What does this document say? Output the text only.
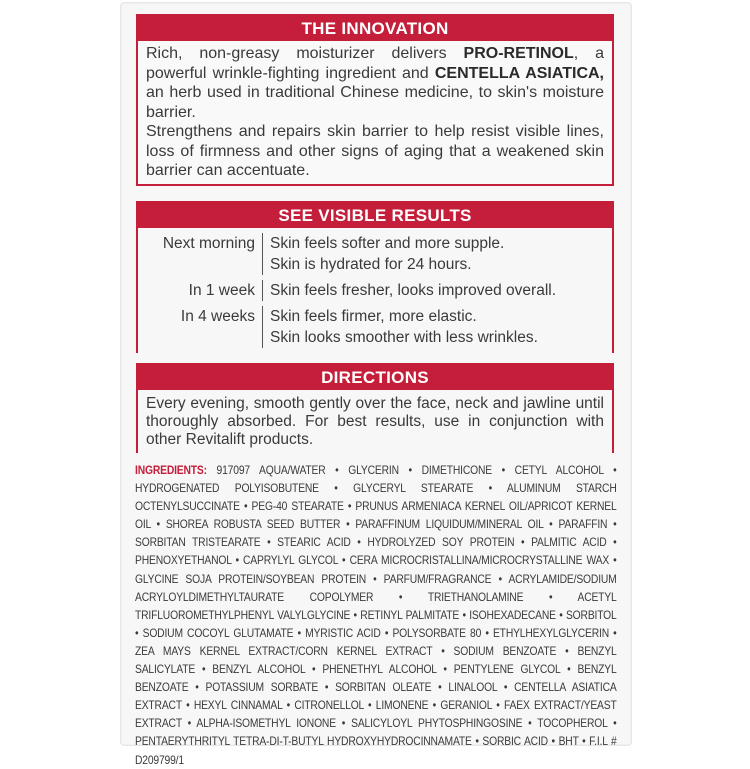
THE INNOVATION

Rich, non-greasy moisturizer delivers PRO-RETINOL, a powerful wrinkle-fighting ingredient and CENTELLA ASIATICA, an herb used in traditional Chinese medicine, to skin's moisture barrier.

Strengthens and repairs skin barrier to help resist visible lines, loss of firmness and other signs of aging that a weakened skin barrier can accentuate.

SEE VISIBLE RESULTS
Next morning Skin feels softer and more supple.
Skin is hydrated for 24 hours.
In 1 week Skin feels fresher, looks improved overall.
In 4 weeks Skin feels firmer, more elastic.
Skin looks smoother with less wrinkles.
DIRECTIONS

Every evening, smooth gently over the face, neck and jawline until thoroughly absorbed. For best results, use in conjunction with other Revitalift products.

INGREDIENTS: 917097 AQUA/WATER • GLYCERIN • DIMETHICONE • CETYL ALCOHOL • HYDROGENATED POLYISOBUTENE • GLYCERYL STEARATE • ALUMINUM STARCH OCTENYLSUCCINATE • PEG-40 STEARATE • PRUNUS ARMENIACA KERNEL OIL/APRICOT KERNEL OIL • SHOREA ROBUSTA SEED BUTTER • PARAFFINUM LIQUIDUM/MINERAL OIL • PARAFFIN • SORBITAN TRISTEARATE • STEARIC ACID • HYDROLYZED SOY PROTEIN • PALMITIC ACID • PHENOXYETHANOL • CAPRYLYL GLYCOL • CERA MICROCRISTALLINA/MICROCRYSTALLINE WAX • GLYCINE SOJA PROTEIN/SOYBEAN PROTEIN • PARFUM/FRAGRANCE • ACRYLAMIDE/SODIUM ACRYLOYLDIMETHYLTAURATE COPOLYMER • TRIETHANOLAMINE • ACETYL TRIFLUOROMETHYLPHENYL VALYLGLYCINE • RETINYL PALMITATE • ISOHEXADECANE • SORBITOL • SODIUM COCOYL GLUTAMATE • MYRISTIC ACID • POLYSORBATE 80 • ETHYLHEXYLGLYCERIN • ZEA MAYS KERNEL EXTRACT/CORN KERNEL EXTRACT • SODIUM BENZOATE • BENZYL SALICYLATE • BENZYL ALCOHOL • PHENETHYL ALCOHOL • PENTYLENE GLYCOL • BENZYL BENZOATE • POTASSIUM SORBATE • SORBITAN OLEATE • LINALOOL • CENTELLA ASIATICA EXTRACT • HEXYL CINNAMAL • CITRONELLOL • LIMONENE • GERANIOL • FAEX EXTRACT/YEAST EXTRACT • ALPHA-ISOMETHYL IONONE • SALICYLOYL PHYTOSPHINGOSINE • TOCOPHEROL • PENTAERYTHRITYL TETRA-DI-T-BUTYL HYDROXYHYDROCINNAMATE • SORBIC ACID • BHT • F.I.L # D209799/1
